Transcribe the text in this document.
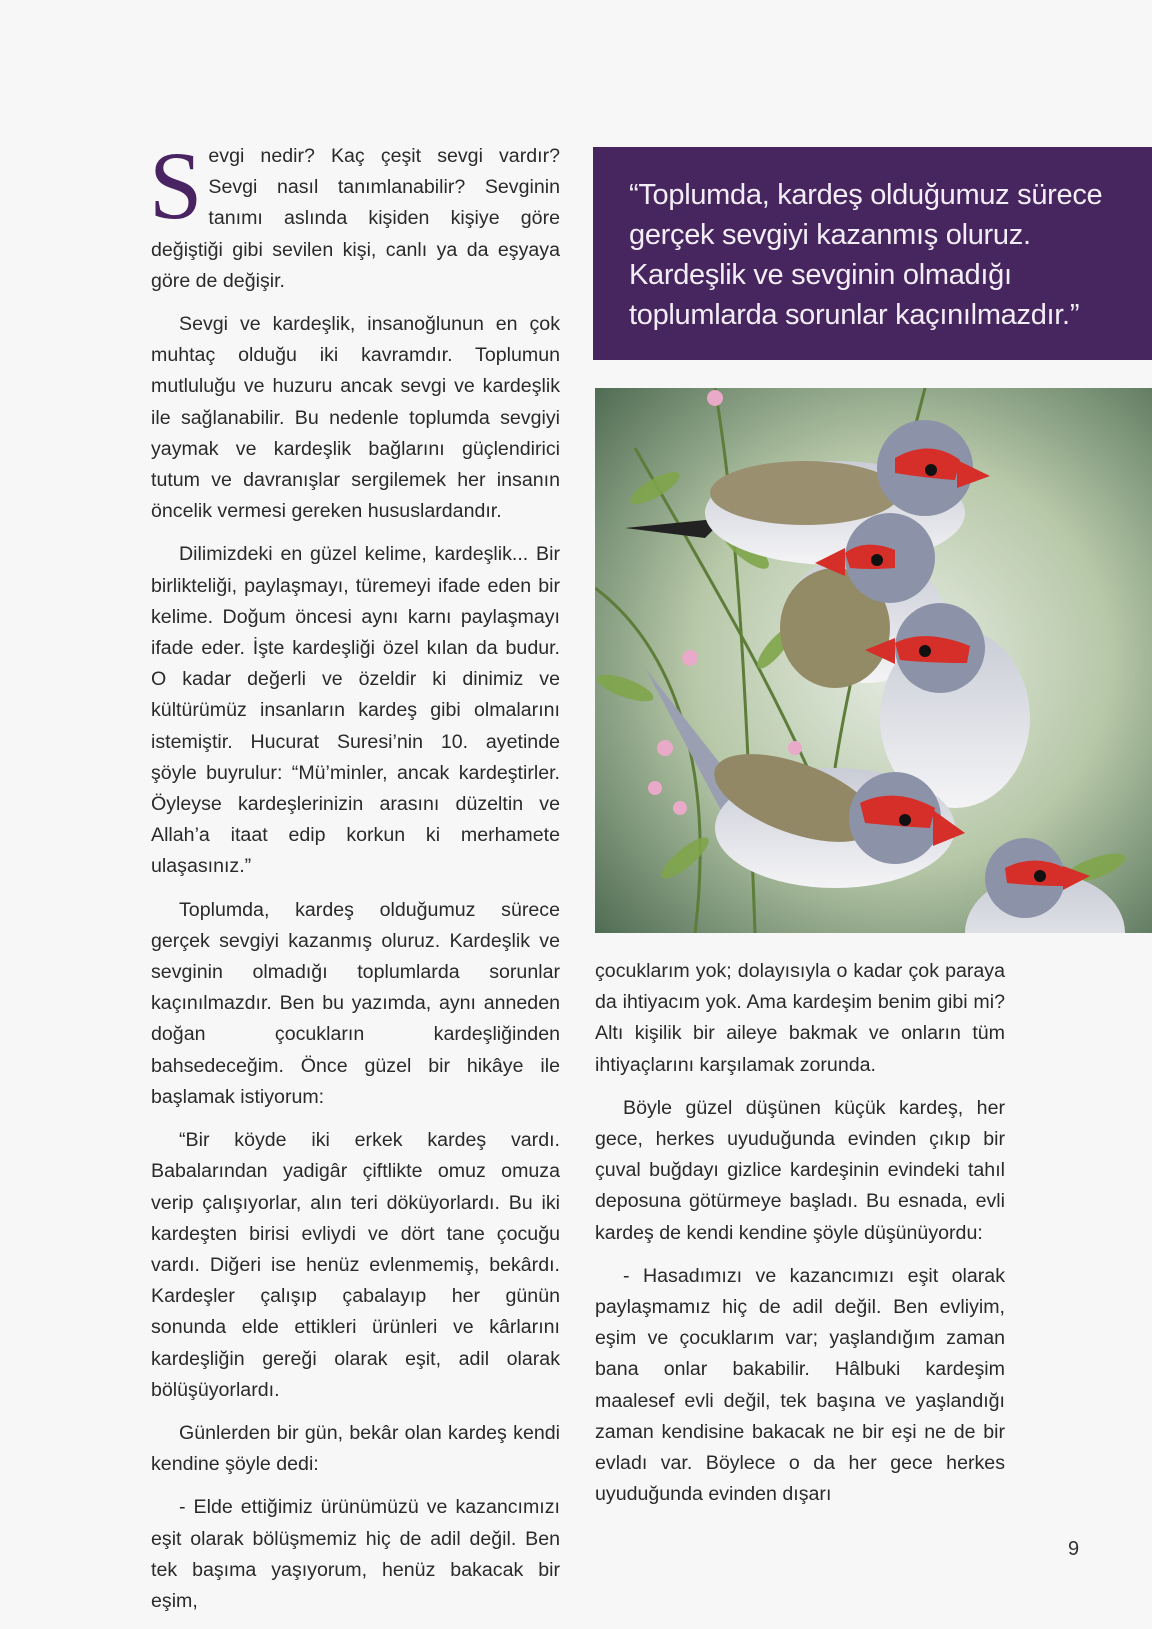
Sevgi nedir? Kaç çeşit sevgi vardır? Sevgi nasıl tanımlanabilir? Sevginin tanımı aslında kişiden kişiye göre değiştiği gibi sevilen kişi, canlı ya da eşyaya göre de değişir.

Sevgi ve kardeşlik, insanoğlunun en çok muhtaç olduğu iki kavramdır. Toplumun mutluluğu ve huzuru ancak sevgi ve kardeşlik ile sağlanabilir. Bu nedenle toplumda sevgiyi yaymak ve kardeşlik bağlarını güçlendirici tutum ve davranışlar sergilemek her insanın öncelik vermesi gereken hususlardandır.

Dilimizdeki en güzel kelime, kardeşlik... Bir birlikteliği, paylaşmayı, türemeyi ifade eden bir kelime. Doğum öncesi aynı karnı paylaşmayı ifade eder. İşte kardeşliği özel kılan da budur. O kadar değerli ve özeldir ki dinimiz ve kültürümüz insanların kardeş gibi olmalarını istemiştir. Hucurat Suresi’nin 10. ayetinde şöyle buyrulur: “Mü’minler, ancak kardeştirler. Öyleyse kardeşlerinizin arasını düzeltin ve Allah’a itaat edip korkun ki merhamete ulaşasınız.”

Toplumda, kardeş olduğumuz sürece gerçek sevgiyi kazanmış oluruz. Kardeşlik ve sevginin olmadığı toplumlarda sorunlar kaçınılmazdır. Ben bu yazımda, aynı anneden doğan çocukların kardeşliğinden bahsedeceğim. Önce güzel bir hikâye ile başlamak istiyorum:

“Bir köyde iki erkek kardeş vardı. Babalarından yadigâr çiftlikte omuz omuza verip çalışıyorlar, alın teri döküyorlardı. Bu iki kardeşten birisi evliydi ve dört tane çocuğu vardı. Diğeri ise henüz evlenmemiş, bekârdı. Kardeşler çalışıp çabalayıp her günün sonunda elde ettikleri ürünleri ve kârlarını kardeşliğin gereği olarak eşit, adil olarak bölüşüyorlardı.

Günlerden bir gün, bekâr olan kardeş kendi kendine şöyle dedi:

- Elde ettiğimiz ürünümüzü ve kazancımızı eşit olarak bölüşmemiz hiç de adil değil. Ben tek başıma yaşıyorum, henüz bakacak bir eşim,

“Toplumda, kardeş olduğumuz sürece gerçek sevgiyi kazanmış oluruz. Kardeşlik ve sevginin olmadığı toplumlarda sorunlar kaçınılmazdır.”

çocuklarım yok; dolayısıyla o kadar çok paraya da ihtiyacım yok. Ama kardeşim benim gibi mi? Altı kişilik bir aileye bakmak ve onların tüm ihtiyaçlarını karşılamak zorunda.

Böyle güzel düşünen küçük kardeş, her gece, herkes uyuduğunda evinden çıkıp bir çuval buğdayı gizlice kardeşinin evindeki tahıl deposuna götürmeye başladı. Bu esnada, evli kardeş de kendi kendine şöyle düşünüyordu:

- Hasadımızı ve kazancımızı eşit olarak paylaşmamız hiç de adil değil. Ben evliyim, eşim ve çocuklarım var; yaşlandığım zaman bana onlar bakabilir. Hâlbuki kardeşim maalesef evli değil, tek başına ve yaşlandığı zaman kendisine bakacak ne bir eşi ne de bir evladı var. Böylece o da her gece herkes uyuduğunda evinden dışarı

9
